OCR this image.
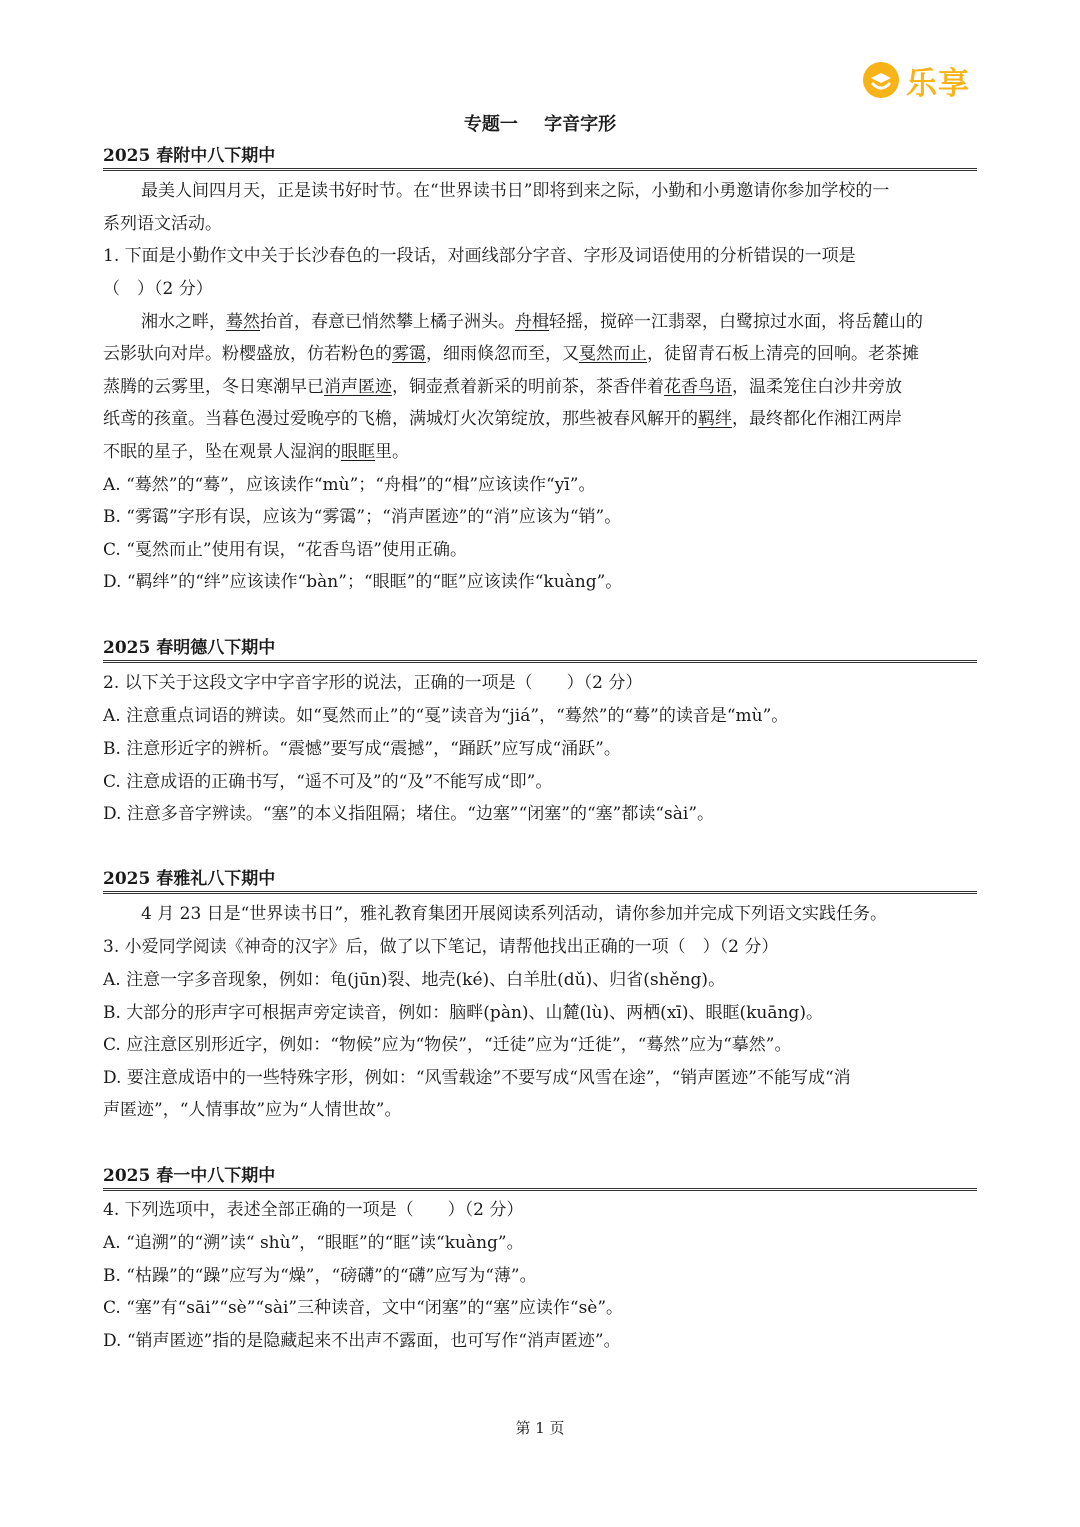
乐享
专题一 字音字形
2025 春附中八下期中
最美人间四月天，正是读书好时节。在“世界读书日”即将到来之际，小勤和小勇邀请你参加学校的一
系列语文活动。
1. 下面是小勤作文中关于长沙春色的一段话，对画线部分字音、字形及词语使用的分析错误的一项是
（　）（2 分）
湘水之畔，蓦然抬首，春意已悄然攀上橘子洲头。舟楫轻摇，搅碎一江翡翠，白鹭掠过水面，将岳麓山的
云影驮向对岸。粉樱盛放，仿若粉色的雾霭，细雨倏忽而至，又戛然而止，徒留青石板上清亮的回响。老茶摊
蒸腾的云雾里，冬日寒潮早已消声匿迹，铜壶煮着新采的明前茶，茶香伴着花香鸟语，温柔笼住白沙井旁放
纸鸢的孩童。当暮色漫过爱晚亭的飞檐，满城灯火次第绽放，那些被春风解开的羁绊，最终都化作湘江两岸
不眠的星子，坠在观景人湿润的眼眶里。
A. “蓦然”的“蓦”，应该读作“mù”；“舟楫”的“楫”应该读作“yī”。
B. “雾霭”字形有误，应该为“雾霭”；“消声匿迹”的“消”应该为“销”。
C. “戛然而止”使用有误，“花香鸟语”使用正确。
D. “羁绊”的“绊”应该读作“bàn”；“眼眶”的“眶”应该读作“kuàng”。
2025 春明德八下期中
2. 以下关于这段文字中字音字形的说法，正确的一项是（　　）（2 分）
A. 注意重点词语的辨读。如“戛然而止”的“戛”读音为“jiá”，“蓦然”的“蓦”的读音是“mù”。
B. 注意形近字的辨析。“震憾”要写成“震撼”，“踊跃”应写成“涌跃”。
C. 注意成语的正确书写，“遥不可及”的“及”不能写成“即”。
D. 注意多音字辨读。“塞”的本义指阻隔；堵住。“边塞”“闭塞”的“塞”都读“sài”。
2025 春雅礼八下期中
4 月 23 日是“世界读书日”，雅礼教育集团开展阅读系列活动，请你参加并完成下列语文实践任务。
3. 小爱同学阅读《神奇的汉字》后，做了以下笔记，请帮他找出正确的一项（　）（2 分）
A. 注意一字多音现象，例如：龟(jūn)裂、地壳(ké)、白羊肚(dǔ)、归省(shěng)。
B. 大部分的形声字可根据声旁定读音，例如：脑畔(pàn)、山麓(lù)、两栖(xī)、眼眶(kuāng)。
C. 应注意区别形近字，例如：“物候”应为“物侯”，“迁徒”应为“迁徙”，“蓦然”应为“摹然”。
D. 要注意成语中的一些特殊字形，例如：“风雪载途”不要写成“风雪在途”，“销声匿迹”不能写成“消
声匿迹”，“人情事故”应为“人情世故”。
2025 春一中八下期中
4. 下列选项中，表述全部正确的一项是（　　）（2 分）
A. “追溯”的“溯”读“ shù”，“眼眶”的“眶”读“kuàng”。
B. “枯躁”的“躁”应写为“燥”，“磅礴”的“礴”应写为“薄”。
C. “塞”有“sāi”“sè”“sài”三种读音，文中“闭塞”的“塞”应读作“sè”。
D. “销声匿迹”指的是隐藏起来不出声不露面，也可写作“消声匿迹”。
第 1 页
